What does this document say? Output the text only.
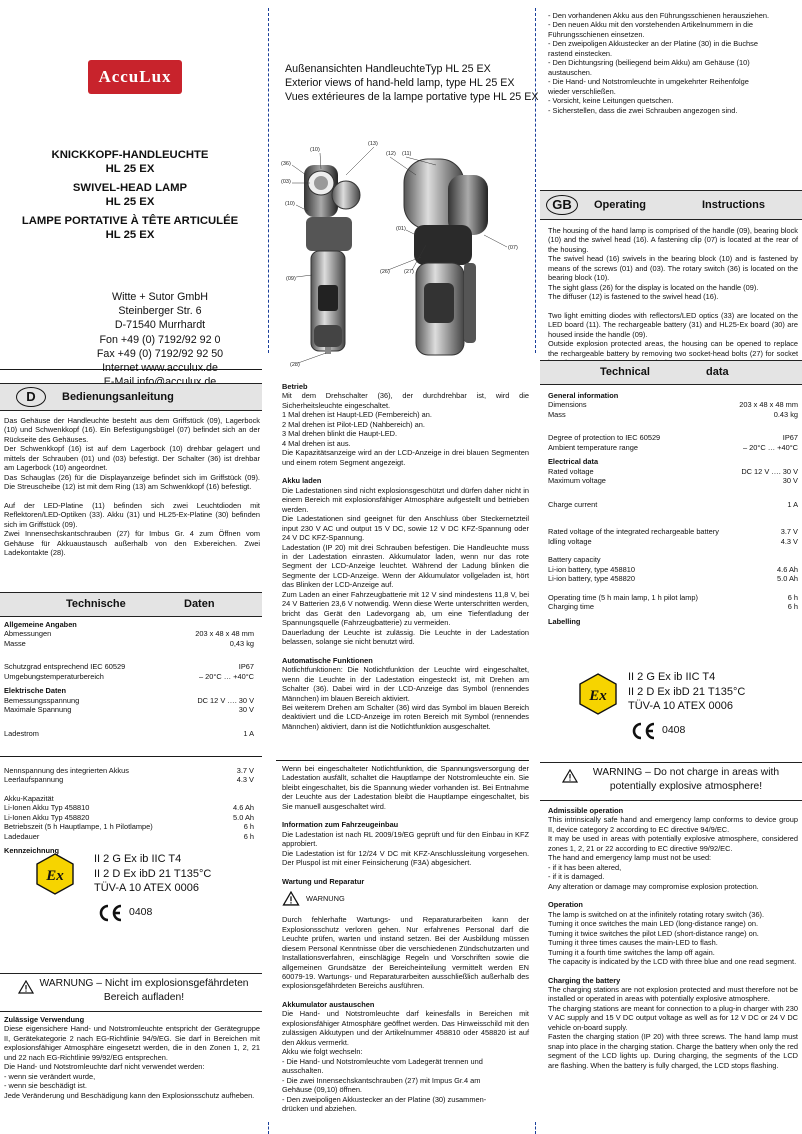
AccuLux
KNICKKOPF-HANDLEUCHTE
HL 25 EX
SWIVEL-HEAD LAMP
HL 25 EX
LAMPE PORTATIVE À TÊTE ARTICULÉE
HL 25 EX
Witte + Sutor GmbH
Steinberger Str. 6
D-71540 Murrhardt
Fon +49 (0) 7192/92 92 0
Fax +49 (0) 7192/92 92 50
Internet www.acculux.de

Außenansichten HandleuchteTyp HL 25 EX
Exterior views of hand-held lamp, type HL 25 EX
Vues extérieures de la lampe portative type HL 25 EX
(13)
(10)
(12) (11)
(36)
(03)
(10)
(01)
(07)
(09)
(26)	(27)
(28)
- Den vorhandenen Akku aus den Führungsschienen herausziehen.
- Den neuen Akku mit den vorstehenden Artikelnummern in die
Führungsschienen einsetzen.
- Den zweipoligen Akkustecker an der Platine (30) in die Buchse
rastend einstecken.
- Den Dichtungsring (beiliegend beim Akku) am Gehäuse (10)
austauschen.
- Die Hand- und Notstromleuchte in umgekehrter Reihenfolge
wieder verschließen.
- Vorsicht, keine Leitungen quetschen.
- Sicherstellen, dass die zwei Schrauben angezogen sind.
GB	Operating	Instructions

The housing of the hand lamp is comprised of the handle (09), bearing block (10) and the swivel head (16). A fastening clip (07) is located at the rear of the housing.
The swivel head (16) swivels in the bearing block (10) and is fastened by means of the screws (01) and (03). The rotary switch (36) is located on the bearing block (10).
The sight glass (26) for the display is located on the handle (09).
The diffuser (12) is fastened to the swivel head (16).

Two light emitting diodes with reflectors/LED optics (33) are located on the LED board (11). The rechargeable battery (31) and HL25-Ex board (30) are housed inside the handle (09).
Outside explosion protected areas, the housing can be opened to replace the rechargeable battery by removing two socket-head bolts (27) for socket

D	Bedienungsanleitung

Das Gehäuse der Handleuchte besteht aus dem Griffstück (09), Lagerbock (10) und Schwenkkopf (16). Ein Befestigungsbügel (07) befindet sich an der Rückseite des Gehäuses.
Der Schwenkkopf (16) ist auf dem Lagerbock (10) drehbar gelagert und mittels der Schrauben (01) und (03) befestigt. Der Schalter (36) ist drehbar am Lagerbock (10) angeordnet.
Das Schauglas (26) für die Displayanzeige befindet sich im Griffstück (09). Die Streuscheibe (12) ist mit dem Ring (13) am Schwenkkopf (16) befestigt.

Auf der LED-Platine (11) befinden sich zwei Leuchtdioden mit Reflektoren/LED-Optiken (33). Akku (31) und HL25-Ex-Platine (30) befinden sich im Griffstück (09).
Zwei Innensechskantschrauben (27) für Imbus Gr. 4 zum Öffnen vom Gehäuse für Akkuaustausch außerhalb von den Exbereichen. Zwei Ladekontakte (28).

Technische	Daten
Allgemeine Angaben
Abmessungen	203 x 48 x 48 mm
Masse	0,43 kg
Schutzgrad entsprechend IEC 60529	IP67
Umgebungstemperaturbereich	– 20°C … +40°C
Elektrische Daten
Bemessungsspannung	DC 12 V …. 30 V
Maximale Spannung	30 V
Ladestrom	1 A
Nennspannung des integrierten Akkus	3.7 V
Leerlaufspannung	4.3 V
Akku-Kapazität
Li-Ionen Akku Typ 458810	4.6 Ah
Li-Ionen Akku Typ 458820	5.0 Ah
Betriebszeit (5 h Hauptlampe, 1 h Pilotlampe)	6 h
Ladedauer	6 h
Kennzeichnung
Ex
II 2 G Ex ib IIC T4
II 2 D Ex ibD 21 T135°C
TÜV-A 10 ATEX 0006
0408
WARNUNG – Nicht im explosionsgefährdeten
Bereich aufladen!
Zulässige Verwendung

Diese eigensichere Hand- und Notstromleuchte entspricht der Gerätegruppe II, Gerätekategorie 2 nach EG-Richtlinie 94/9/EG. Sie darf in Bereichen mit explosionsfähiger Atmosphäre eingesetzt werden, die in den Zonen 1, 2, 21 und 22 nach EG-Richtlinie 99/92/EG entsprechen.
Die Hand- und Notstromleuchte darf nicht verwendet werden:
- wenn sie verändert wurde,
- wenn sie beschädigt ist.
Jede Veränderung und Beschädigung kann den Explosionsschutz aufheben.

Betrieb

Mit dem Drehschalter (36), der durchdrehbar ist, wird die Sicherheitsleuchte eingeschaltet.
1 Mal drehen ist Haupt-LED (Fernbereich) an.
2 Mal drehen ist Pilot-LED (Nahbereich) an.
3 Mal drehen blinkt die Haupt-LED.
4 Mal drehen ist aus.
Die Kapazitätsanzeige wird an der LCD-Anzeige in drei blauen Segmenten und einem rotem Segment angezeigt.

Akku laden

Die Ladestationen sind nicht explosionsgeschützt und dürfen daher nicht in einem Bereich mit explosionsfähiger Atmosphäre aufgestellt und betrieben werden.
Die Ladestationen sind geeignet für den Anschluss über Steckernetzteil input 230 V AC und output 15 V DC, sowie 12 V DC KFZ-Spannung oder 24 V DC KFZ-Spannung.
Ladestation (IP 20) mit drei Schrauben befestigen. Die Handleuchte muss in der Ladestation einrasten. Akkumulator laden, wenn nur das rote Segment der LCD-Anzeige leuchtet. Während der Ladung blinken die Segmente der LCD-Anzeige. Wenn der Akkumulator vollgeladen ist, hört das Blinken der LCD-Anzeige auf.
Zum Laden an einer Fahrzeugbatterie mit 12 V sind mindestens 11,8 V, bei 24 V Batterien 23,6 V notwendig. Wenn diese Werte unterschritten werden, bricht das Gerät den Ladevorgang ab, um eine Tiefentladung der Spannungsquelle (Fahrzeugbatterie) zu vermeiden.
Dauerladung der Leuchte ist zulässig. Die Leuchte in der Ladestation belassen, solange sie nicht benutzt wird.

Automatische Funktionen

Notlichtfunktionen: Die Notlichtfunktion der Leuchte wird eingeschaltet, wenn die Leuchte in der Ladestation eingesteckt ist, mit Drehen am Schalter (36). Dabei wird in der LCD-Anzeige das Symbol (rennendes Männchen) im blauen Bereich aktiviert.
Bei weiterem Drehen am Schalter (36) wird das Symbol im blauen Bereich deaktiviert und die LCD-Anzeige im roten Bereich mit Symbol (rennendes Männchen) aktiviert, dann ist die Notlichtfunktion ausgeschaltet.

Wenn bei eingeschalteter Notlichtfunktion, die Spannungsversorgung der Ladestation ausfällt, schaltet die Hauptlampe der Notstromleuchte ein. Sie bleibt eingeschaltet, bis die Spannung wieder vorhanden ist. Bei Entnahme der Leuchte aus der Ladestation bleibt die Hauptlampe eingeschaltet, bis Sie manuell ausgeschaltet wird.

Information zum Fahrzeugeinbau

Die Ladestation ist nach RL 2009/19/EG geprüft und für den Einbau in KFZ approbiert.
Die Ladestation ist für 12/24 V DC mit KFZ-Anschlussleitung vorgesehen. Der Pluspol ist mit einer Feinsicherung (F3A) abgesichert.

Wartung und Reparatur
WARNUNG

Durch fehlerhafte Wartungs- und Reparaturarbeiten kann der Explosionsschutz verloren gehen. Nur erfahrenes Personal darf die Leuchte prüfen, warten und instand setzen. Bei der Ausbildung müssen diesem Personal Kenntnisse über die verschiedenen Zündschutzarten und Installationsverfahren, einschlägige Regeln und Vorschriften sowie die allgemeinen Grundsätze der Bereicheinteilung vermittelt werden EN 60079-19. Wartungs- und Reparaturarbeiten ausschließlich außerhalb des explosionsgefährdeten Bereichs ausführen.

Akkumulator austauschen

Die Hand- und Notstromleuchte darf keinesfalls in Bereichen mit explosionsfähiger Atmosphäre geöffnet werden. Das Hinweisschild mit den zulässigen Akkutypen und der Artikelnummer 458810 oder 458820 ist auf den Akkus vermerkt.
Akku wie folgt wechseln:
- Die Hand- und Notstromleuchte vom Ladegerät trennen und
ausschalten.
- Die zwei Innensechskantschrauben (27) mit Impus Gr.4 am
Gehäuse (09,10) öffnen.
- Den zweipoligen Akkustecker an der Platine (30) zusammen-
drücken und abziehen.

Technical	data
General information
Dimensions	203 x 48 x 48 mm
Mass	0.43 kg
Degree of protection to IEC 60529	IP67
Ambient temperature range	– 20°C … +40°C
Electrical data
Rated voltage	DC 12 V …. 30 V
Maximum voltage	30 V
Charge current	1 A
Rated voltage of the integrated rechargeable battery	3.7 V
Idling voltage	4.3 V
Battery capacity
Li-ion battery, type 458810	4.6 Ah
Li-ion battery, type 458820	5.0 Ah
Operating time (5 h main lamp, 1 h pilot lamp)	6 h
Charging time	6 h
Labelling
Ex
II 2 G Ex ib IIC T4
II 2 D Ex ibD 21 T135°C
TÜV-A 10 ATEX 0006
0408
WARNING – Do not charge in areas with
potentially explosive atmosphere!
Admissible operation

This intrinsically safe hand and emergency lamp conforms to device group II, device category 2 according to EC directive 94/9/EC.
It may be used in areas with potentially explosive atmosphere, considered zones 1, 2, 21 or 22 according to EC directive 99/92/EC.
The hand and emergency lamp must not be used:
- if it has been altered,
- if it is damaged.
Any alteration or damage may compromise explosion protection.

Operation

The lamp is switched on at the infinitely rotating rotary switch (36).
Turning it once switches the main LED (long-distance range) on.
Turning it twice switches the pilot LED (short-distance range) on.
Turning it three times causes the main-LED to flash.
Turning it a fourth time switches the lamp off again.
The capacity is indicated by the LCD with three blue and one read segment.

Charging the battery

The charging stations are not explosion protected and must therefore not be installed or operated in areas with potentially explosive atmosphere.
The charging stations are meant for connection to a plug-in charger with 230 V AC supply and 15 V DC output voltage as well as for 12 V DC or 24 V DC vehicle on-board supply.
Fasten the charging station (IP 20) with three screws. The hand lamp must snap into place in the charging station. Charge the battery when only the red segment of the LCD lights up. During charging, the segments of the LCD are flashing. When the battery is fully charged, the LCD stops flashing.
